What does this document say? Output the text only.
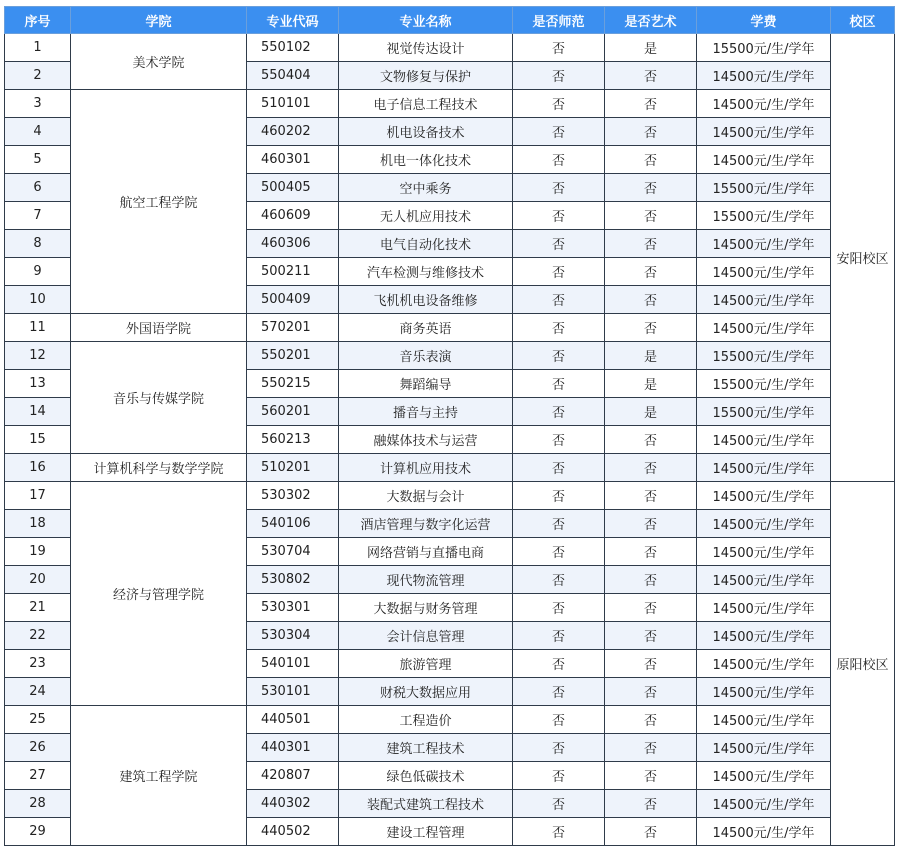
序号	学院	专业代码	专业名称	是否师范	是否艺术	学费	校区
1	美术学院	550102	视觉传达设计	否	是	15500元/生/学年	安阳校区
2		550404	文物修复与保护	否	否	14500元/生/学年	
3	航空工程学院	510101	电子信息工程技术	否	否	14500元/生/学年	
4		460202	机电设备技术	否	否	14500元/生/学年	
5		460301	机电一体化技术	否	否	14500元/生/学年	
6		500405	空中乘务	否	否	15500元/生/学年	
7		460609	无人机应用技术	否	否	15500元/生/学年	
8		460306	电气自动化技术	否	否	14500元/生/学年	
9		500211	汽车检测与维修技术	否	否	14500元/生/学年	
10		500409	飞机机电设备维修	否	否	14500元/生/学年	
11	外国语学院	570201	商务英语	否	否	14500元/生/学年	
12	音乐与传媒学院	550201	音乐表演	否	是	15500元/生/学年	
13		550215	舞蹈编导	否	是	15500元/生/学年	
14		560201	播音与主持	否	是	15500元/生/学年	
15		560213	融媒体技术与运营	否	否	14500元/生/学年	
16	计算机科学与数学学院	510201	计算机应用技术	否	否	14500元/生/学年	
17	经济与管理学院	530302	大数据与会计	否	否	14500元/生/学年	原阳校区
18		540106	酒店管理与数字化运营	否	否	14500元/生/学年	
19		530704	网络营销与直播电商	否	否	14500元/生/学年	
20		530802	现代物流管理	否	否	14500元/生/学年	
21		530301	大数据与财务管理	否	否	14500元/生/学年	
22		530304	会计信息管理	否	否	14500元/生/学年	
23		540101	旅游管理	否	否	14500元/生/学年	
24		530101	财税大数据应用	否	否	14500元/生/学年	
25	建筑工程学院	440501	工程造价	否	否	14500元/生/学年	
26		440301	建筑工程技术	否	否	14500元/生/学年	
27		420807	绿色低碳技术	否	否	14500元/生/学年	
28		440302	装配式建筑工程技术	否	否	14500元/生/学年	
29		440502	建设工程管理	否	否	14500元/生/学年	
